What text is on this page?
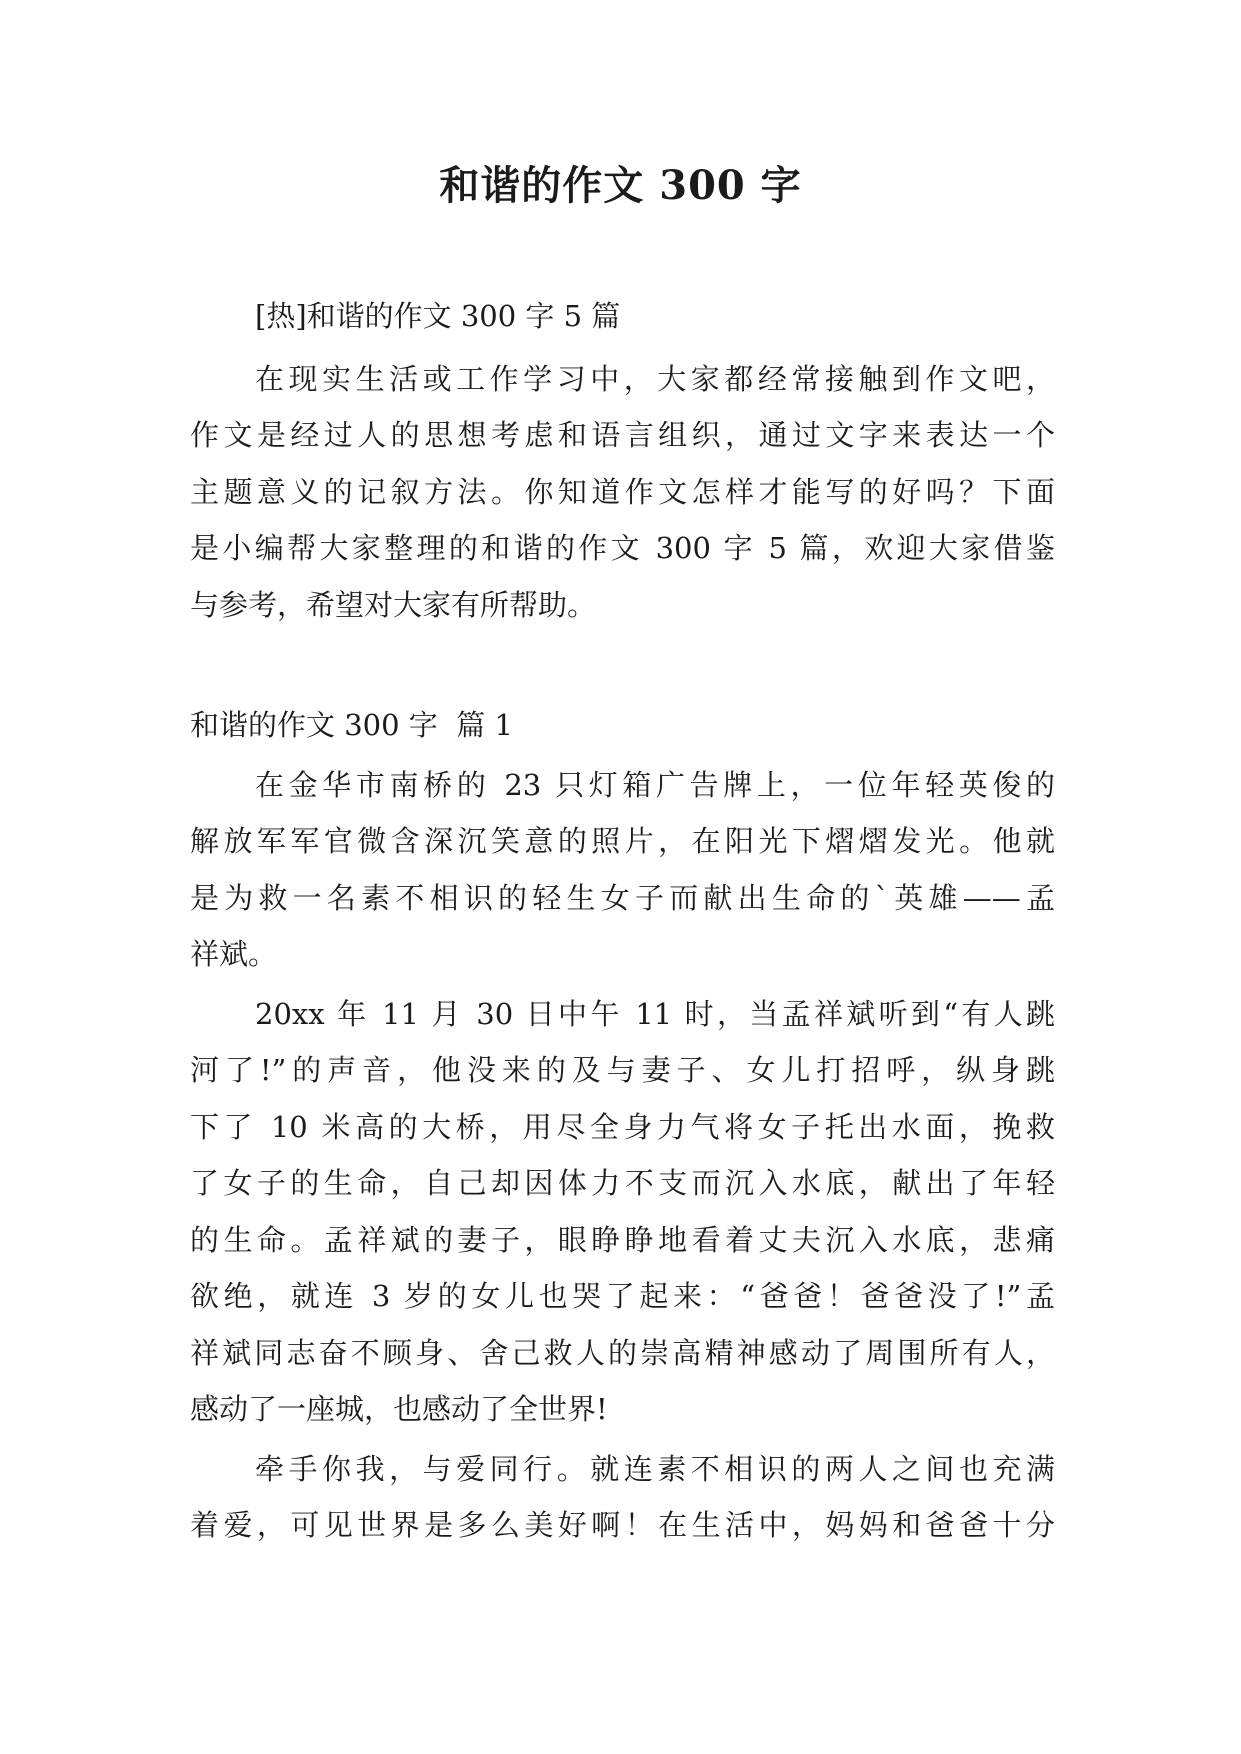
和谐的作文 300 字
[热]和谐的作文 300 字 5 篇
在现实生活或工作学习中，大家都经常接触到作文吧，
作文是经过人的思想考虑和语言组织，通过文字来表达一个
主题意义的记叙方法。你知道作文怎样才能写的好吗？下面
是小编帮大家整理的和谐的作文 300 字 5 篇，欢迎大家借鉴
与参考，希望对大家有所帮助。
和谐的作文 300 字  篇 1
在金华市南桥的 23 只灯箱广告牌上，一位年轻英俊的
解放军军官微含深沉笑意的照片，在阳光下熠熠发光。他就
是为救一名素不相识的轻生女子而献出生命的`英雄——孟
祥斌。
20xx 年 11 月 30 日中午 11 时，当孟祥斌听到“有人跳
河了!”的声音，他没来的及与妻子、女儿打招呼，纵身跳
下了 10 米高的大桥，用尽全身力气将女子托出水面，挽救
了女子的生命，自己却因体力不支而沉入水底，献出了年轻
的生命。孟祥斌的妻子，眼睁睁地看着丈夫沉入水底，悲痛
欲绝，就连 3 岁的女儿也哭了起来：“爸爸！爸爸没了!”孟
祥斌同志奋不顾身、舍己救人的崇高精神感动了周围所有人，
感动了一座城，也感动了全世界!
牵手你我，与爱同行。就连素不相识的两人之间也充满
着爱，可见世界是多么美好啊！在生活中，妈妈和爸爸十分
